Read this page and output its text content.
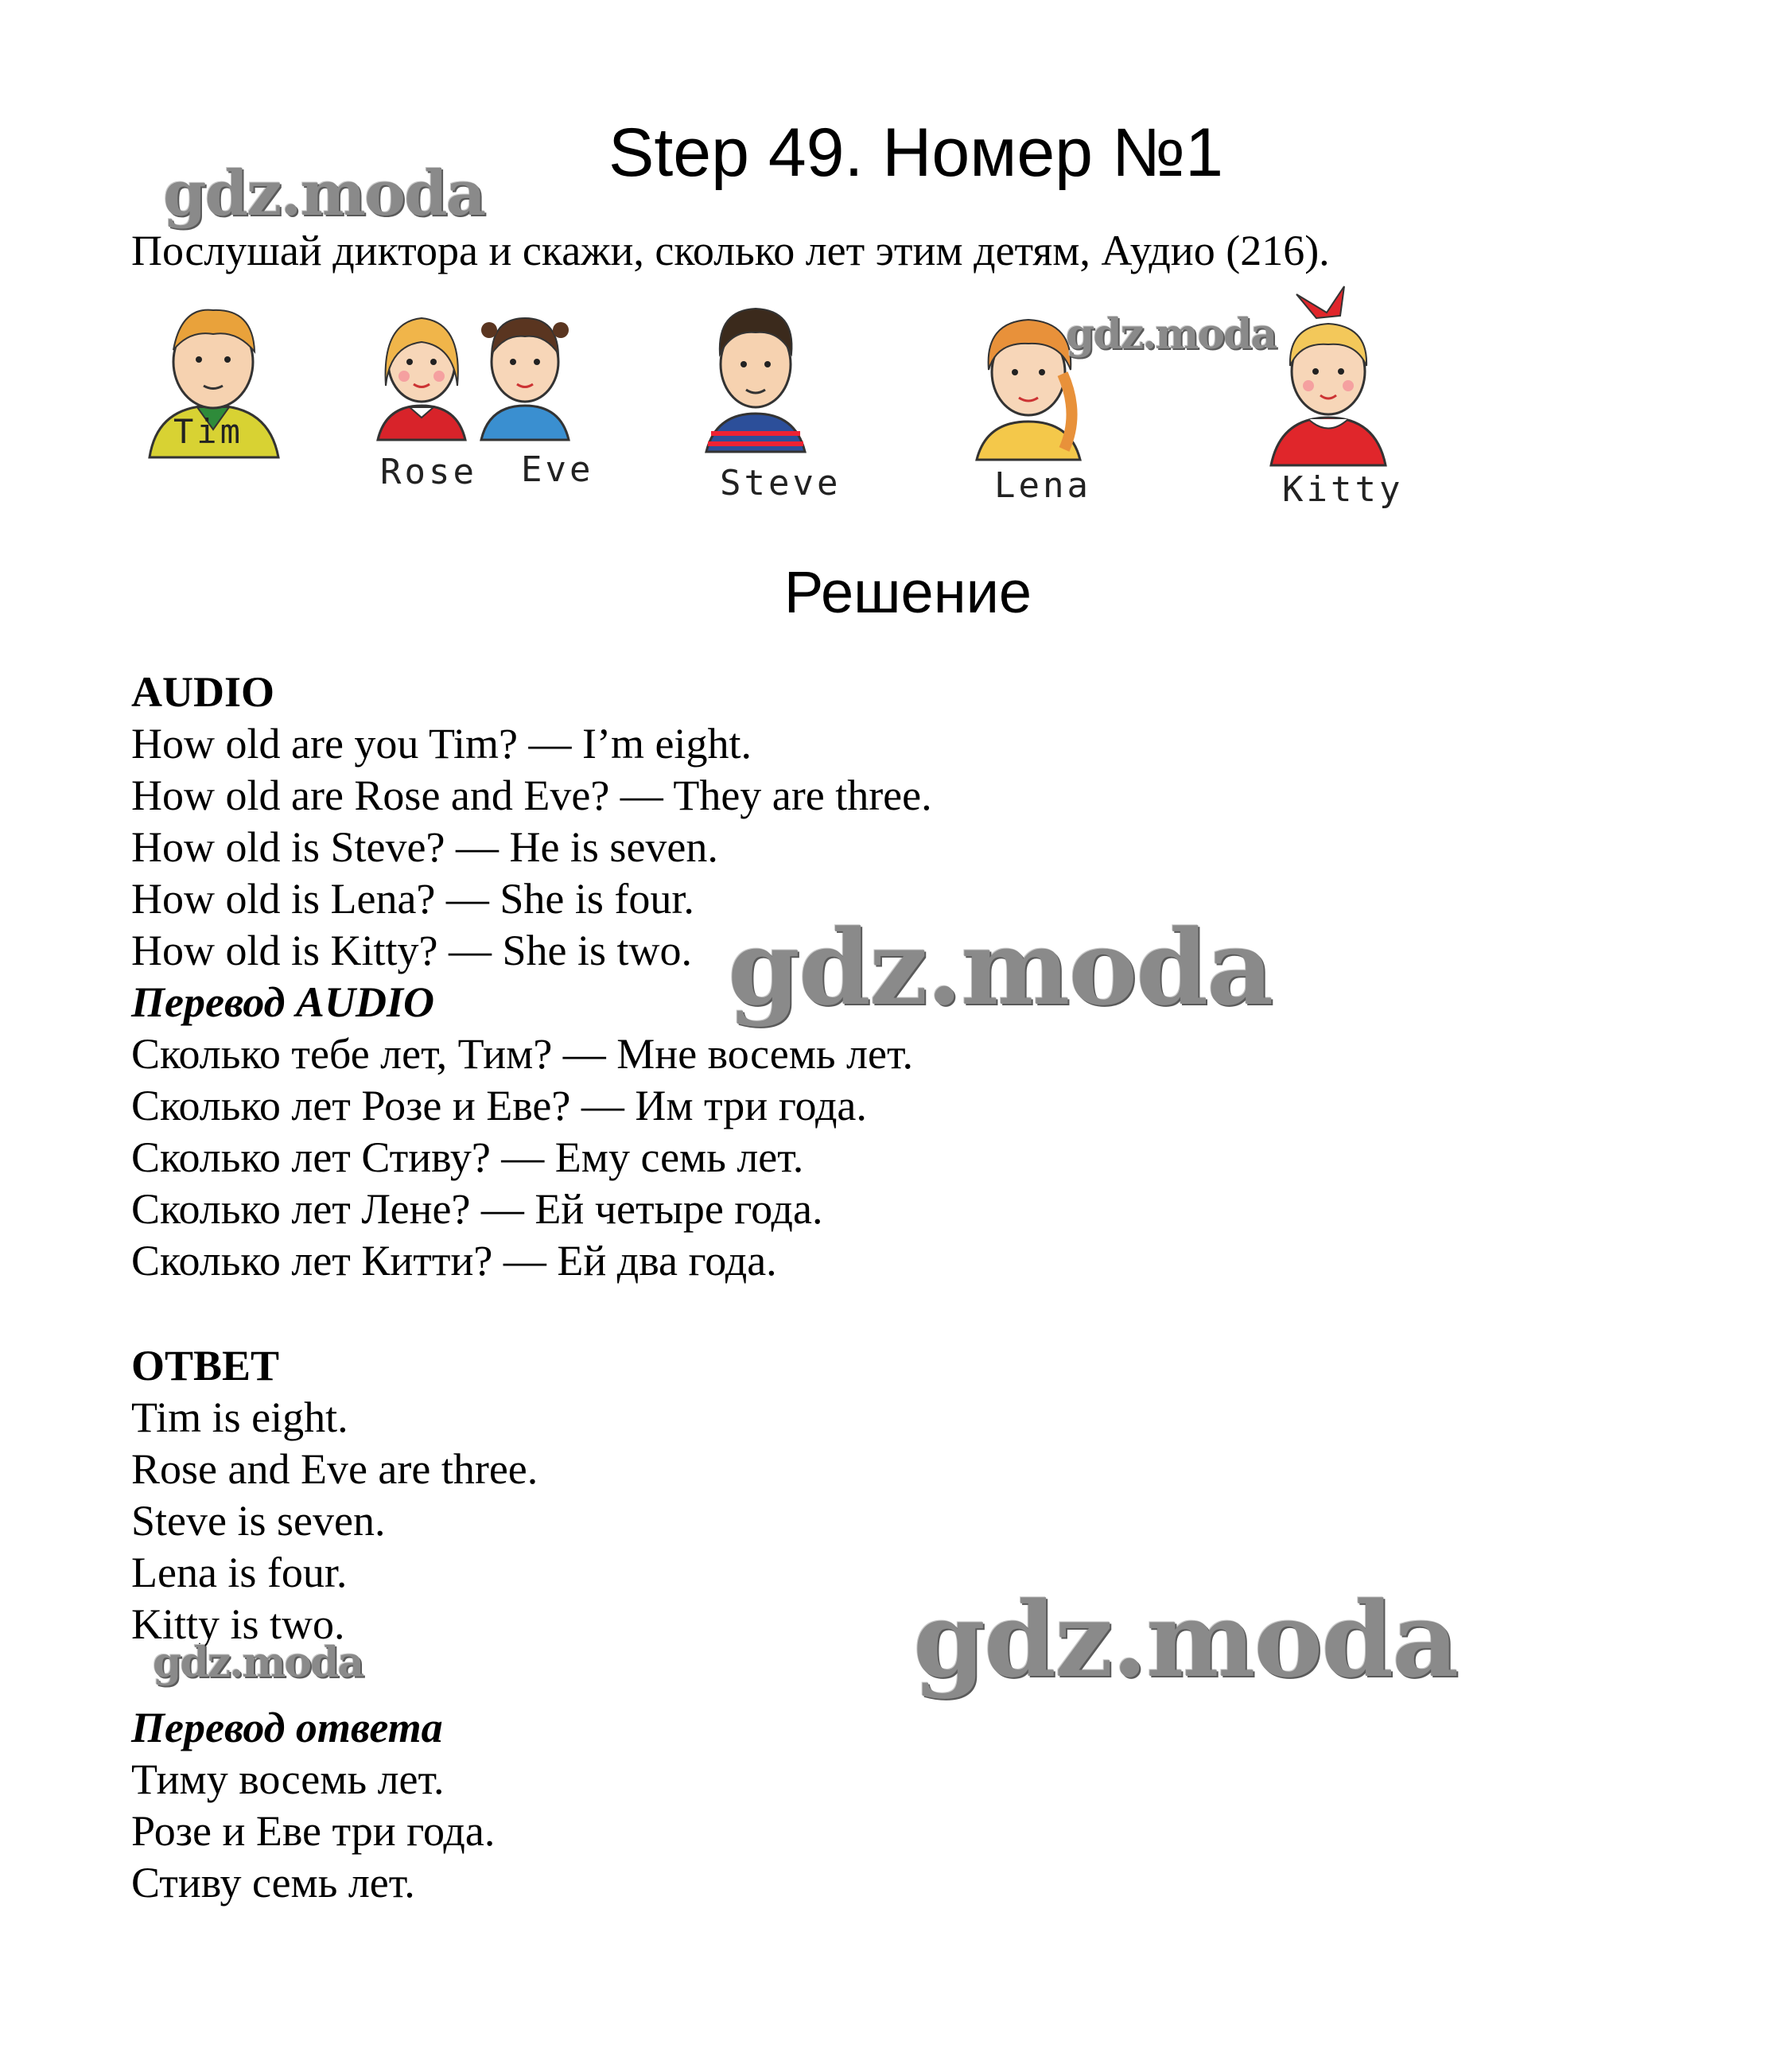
Step 49. Номер №1
gdz.moda
Послушай диктора и скажи, сколько лет этим детям, Аудио (216).
Tim
Rose Eve	Steve	Lena
gdz.moda
Kitty
Решение
AUDIO
How old are you Tim? — I’m eight.
How old are Rose and Eve? — They are three.
How old is Steve? — He is seven.
How old is Lena? — She is four.
How old is Kitty? — She is two. gdz.moda
Перевод AUDIO
Сколько тебе лет, Тим? — Мне восемь лет.
Сколько лет Розе и Еве? — Им три года.
Сколько лет Стиву? — Ему семь лет.
Сколько лет Лене? — Ей четыре года.
Сколько лет Китти? — Ей два года.
ОТВЕТ
Tim is eight.
Rose and Eve are three.
Steve is seven.
Lena is four.
Kitty is two.
gdz.moda	gdz.moda
Перевод ответа
Тиму восемь лет.
Розе и Еве три года.
Стиву семь лет.
